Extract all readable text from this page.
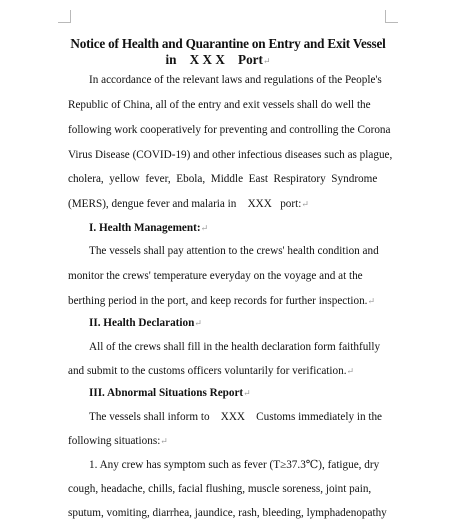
Notice of Health and Quarantine on Entry and Exit Vessel
in    X X X    Port↵
In accordance of the relevant laws and regulations of the People's
Republic of China, all of the entry and exit vessels shall do well the
following work cooperatively for preventing and controlling the Corona
Virus Disease (COVID-19) and other infectious diseases such as plague,
cholera,  yellow  fever,  Ebola,  Middle  East  Respiratory  Syndrome
(MERS), dengue fever and malaria in    XXX   port:↵
I. Health Management:↵
The vessels shall pay attention to the crews' health condition and
monitor the crews' temperature everyday on the voyage and at the
berthing period in the port, and keep records for further inspection.↵
II. Health Declaration↵
All of the crews shall fill in the health declaration form faithfully
and submit to the customs officers voluntarily for verification.↵
III. Abnormal Situations Report↵
The vessels shall inform to    XXX    Customs immediately in the
following situations:↵
1. Any crew has symptom such as fever (T≥37.3℃), fatigue, dry
cough, headache, chills, facial flushing, muscle soreness, joint pain,
sputum, vomiting, diarrhea, jaundice, rash, bleeding, lymphadenopathy
